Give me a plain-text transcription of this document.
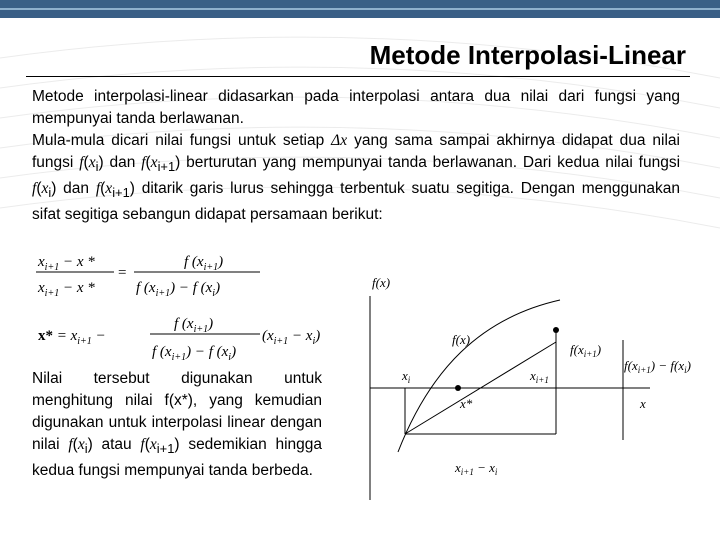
Metode Interpolasi-Linear
Metode interpolasi-linear didasarkan pada interpolasi antara dua nilai dari fungsi yang mempunyai tanda berlawanan.
Mula-mula dicari nilai fungsi untuk setiap Δx yang sama sampai akhirnya didapat dua nilai fungsi $f(x_i)$ dan $f(x_{i+1})$ berturutan yang mempunyai tanda berlawanan. Dari kedua nilai fungsi $f(x_i)$ dan $f(x_{i+1})$ ditarik garis lurus sehingga terbentuk suatu segitiga. Dengan menggunakan sifat segitiga sebangun didapat persamaan berikut:
$x_{i+1} - x$ *
$x_{i+1} - x$ *
=
f $(x_{i+1})$
f $(x_{i+1}) - f$ $(x_i)$
$x* = x_{i+1}$ −
f $(x_{i+1})$
f $(x_{i+1}) - f$ $(x_i)$
$(x_{i+1} - x_i)$
Nilai tersebut digunakan untuk menghitung nilai f(x*), yang kemudian digunakan untuk interpolasi linear dengan nilai $f(x_i)$ atau $f(x_{i+1})$ sedemikian hingga kedua fungsi mempunyai tanda berbeda.
f(x)
f(x)
$f(x_{i+1})$
$f(x_{i+1}) - f(x_i)$
$x_i$	$x_{i+1}$
x*	x
$x_{i+1} - x_i$
